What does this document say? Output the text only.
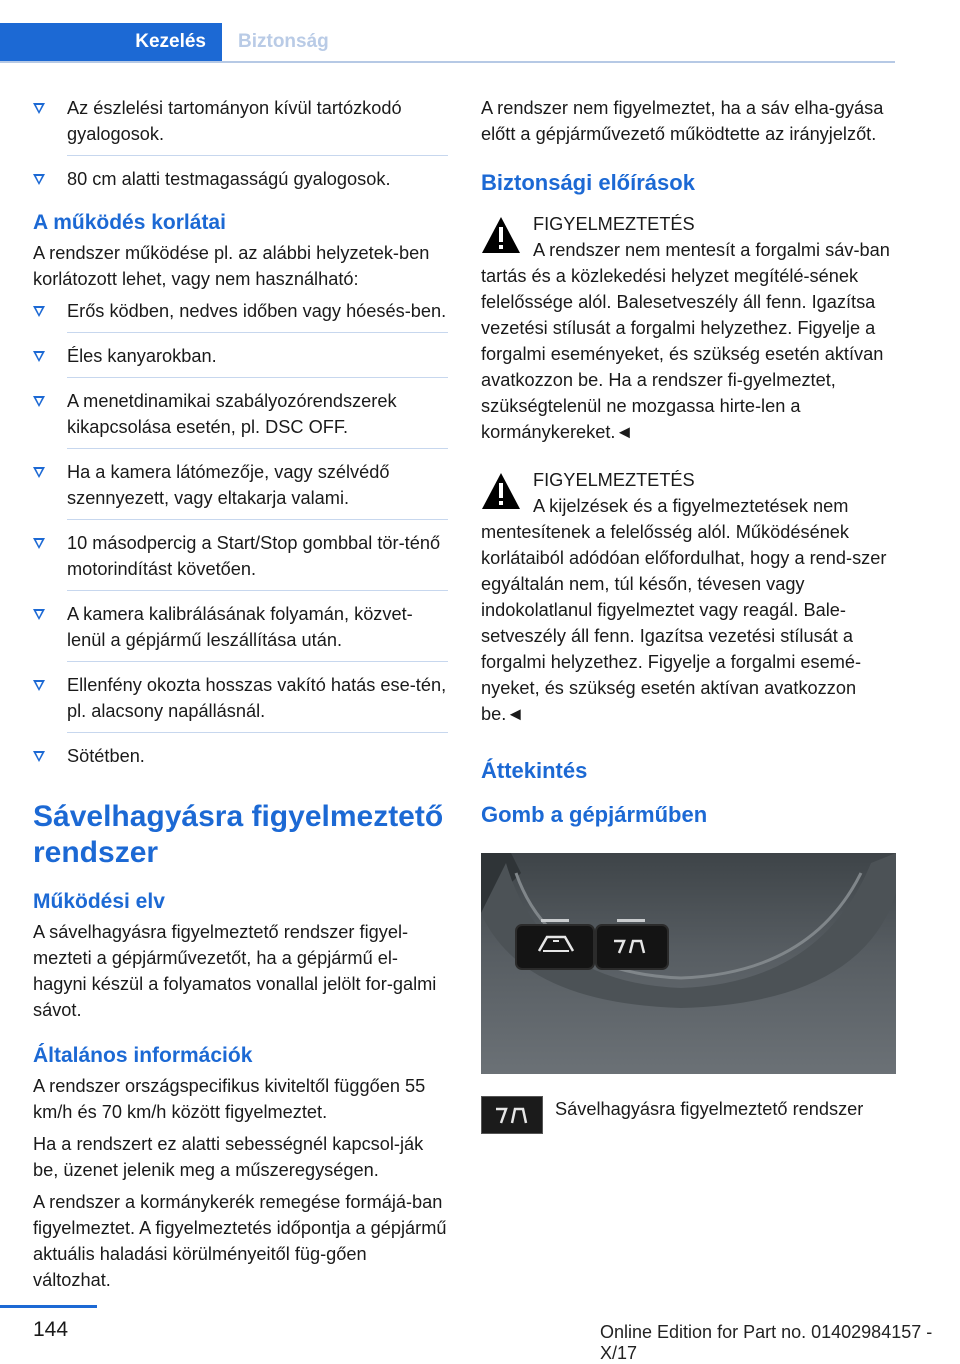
Kezelés	Biztonság
Az észlelési tartományon kívül tartózkodó gyalogosok.
80 cm alatti testmagasságú gyalogosok.
A működés korlátai

A rendszer működése pl. az alábbi helyzetek-ben korlátozott lehet, vagy nem használható:

Erős ködben, nedves időben vagy hóesés-ben.
Éles kanyarokban.
A menetdinamikai szabályozórendszerek kikapcsolása esetén, pl. DSC OFF.
Ha a kamera látómezője, vagy szélvédő szennyezett, vagy eltakarja valami.
10 másodpercig a Start/Stop gombbal tör-ténő motorindítást követően.
A kamera kalibrálásának folyamán, közvet-lenül a gépjármű leszállítása után.
Ellenfény okozta hosszas vakító hatás ese-tén, pl. alacsony napállásnál.
Sötétben.
Sávelhagyásra figyelmeztető rendszer
Működési elv

A sávelhagyásra figyelmeztető rendszer figyel-mezteti a gépjárművezetőt, ha a gépjármű el-hagyni készül a folyamatos vonallal jelölt for-galmi sávot.

Általános információk

A rendszer országspecifikus kiviteltől függően 55 km/h és 70 km/h között figyelmeztet.

Ha a rendszert ez alatti sebességnél kapcsol-ják be, üzenet jelenik meg a műszeregységen.

A rendszer a kormánykerék remegése formájá-ban figyelmeztet. A figyelmeztetés időpontja a gépjármű aktuális haladási körülményeitől füg-gően változhat.

A rendszer nem figyelmeztet, ha a sáv elha-gyása előtt a gépjárművezető működtette az irányjelzőt.

Biztonsági előírások
FIGYELMEZTETÉS
A rendszer nem mentesít a forgalmi sáv-ban tartás és a közlekedési helyzet megítélé-sének felelőssége alól. Balesetveszély áll fenn. Igazítsa vezetési stílusát a forgalmi helyzethez. Figyelje a forgalmi eseményeket, és szükség esetén aktívan avatkozzon be. Ha a rendszer fi-gyelmeztet, szükségtelenül ne mozgassa hirte-len a kormánykereket.◄
FIGYELMEZTETÉS
A kijelzések és a figyelmeztetések nem mentesítenek a felelősség alól. Működésének korlátaiból adódóan előfordulhat, hogy a rend-szer egyáltalán nem, túl későn, tévesen vagy indokolatlanul figyelmeztet vagy reagál. Bale-setveszély áll fenn. Igazítsa vezetési stílusát a forgalmi helyzethez. Figyelje a forgalmi esemé-nyeket, és szükség esetén aktívan avatkozzon be.◄
Áttekintés
Gomb a gépjárműben
Sávelhagyásra figyelmeztető rendszer
144	Online Edition for Part no. 01402984157 - X/17
